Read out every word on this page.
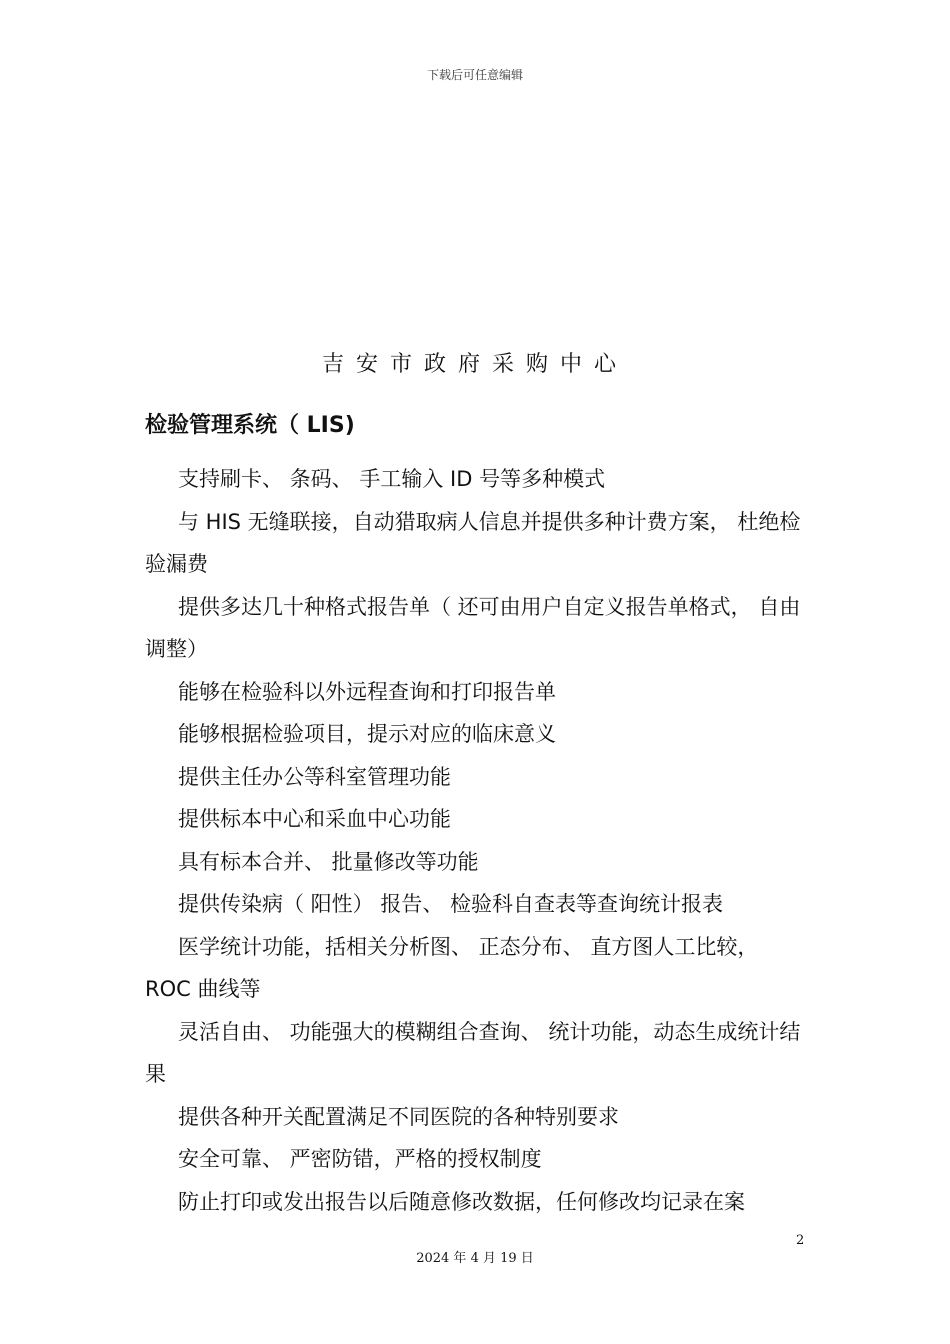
下载后可任意编辑
吉安市政府采购中心
检验管理系统（ LIS)

支持刷卡、 条码、 手工输入 ID 号等多种模式

与 HIS 无缝联接，自动猎取病人信息并提供多种计费方案， 杜绝检验漏费

提供多达几十种格式报告单（ 还可由用户自定义报告单格式， 自由调整）

能够在检验科以外远程查询和打印报告单

能够根据检验项目，提示对应的临床意义

提供主任办公等科室管理功能

提供标本中心和采血中心功能

具有标本合并、 批量修改等功能

提供传染病（ 阳性） 报告、 检验科自查表等查询统计报表

医学统计功能，括相关分析图、 正态分布、 直方图人工比较， ROC 曲线等

灵活自由、 功能强大的模糊组合查询、 统计功能，动态生成统计结果

提供各种开关配置满足不同医院的各种特别要求

安全可靠、 严密防错，严格的授权制度

防止打印或发出报告以后随意修改数据，任何修改均记录在案

2
2024 年 4 月 19 日
